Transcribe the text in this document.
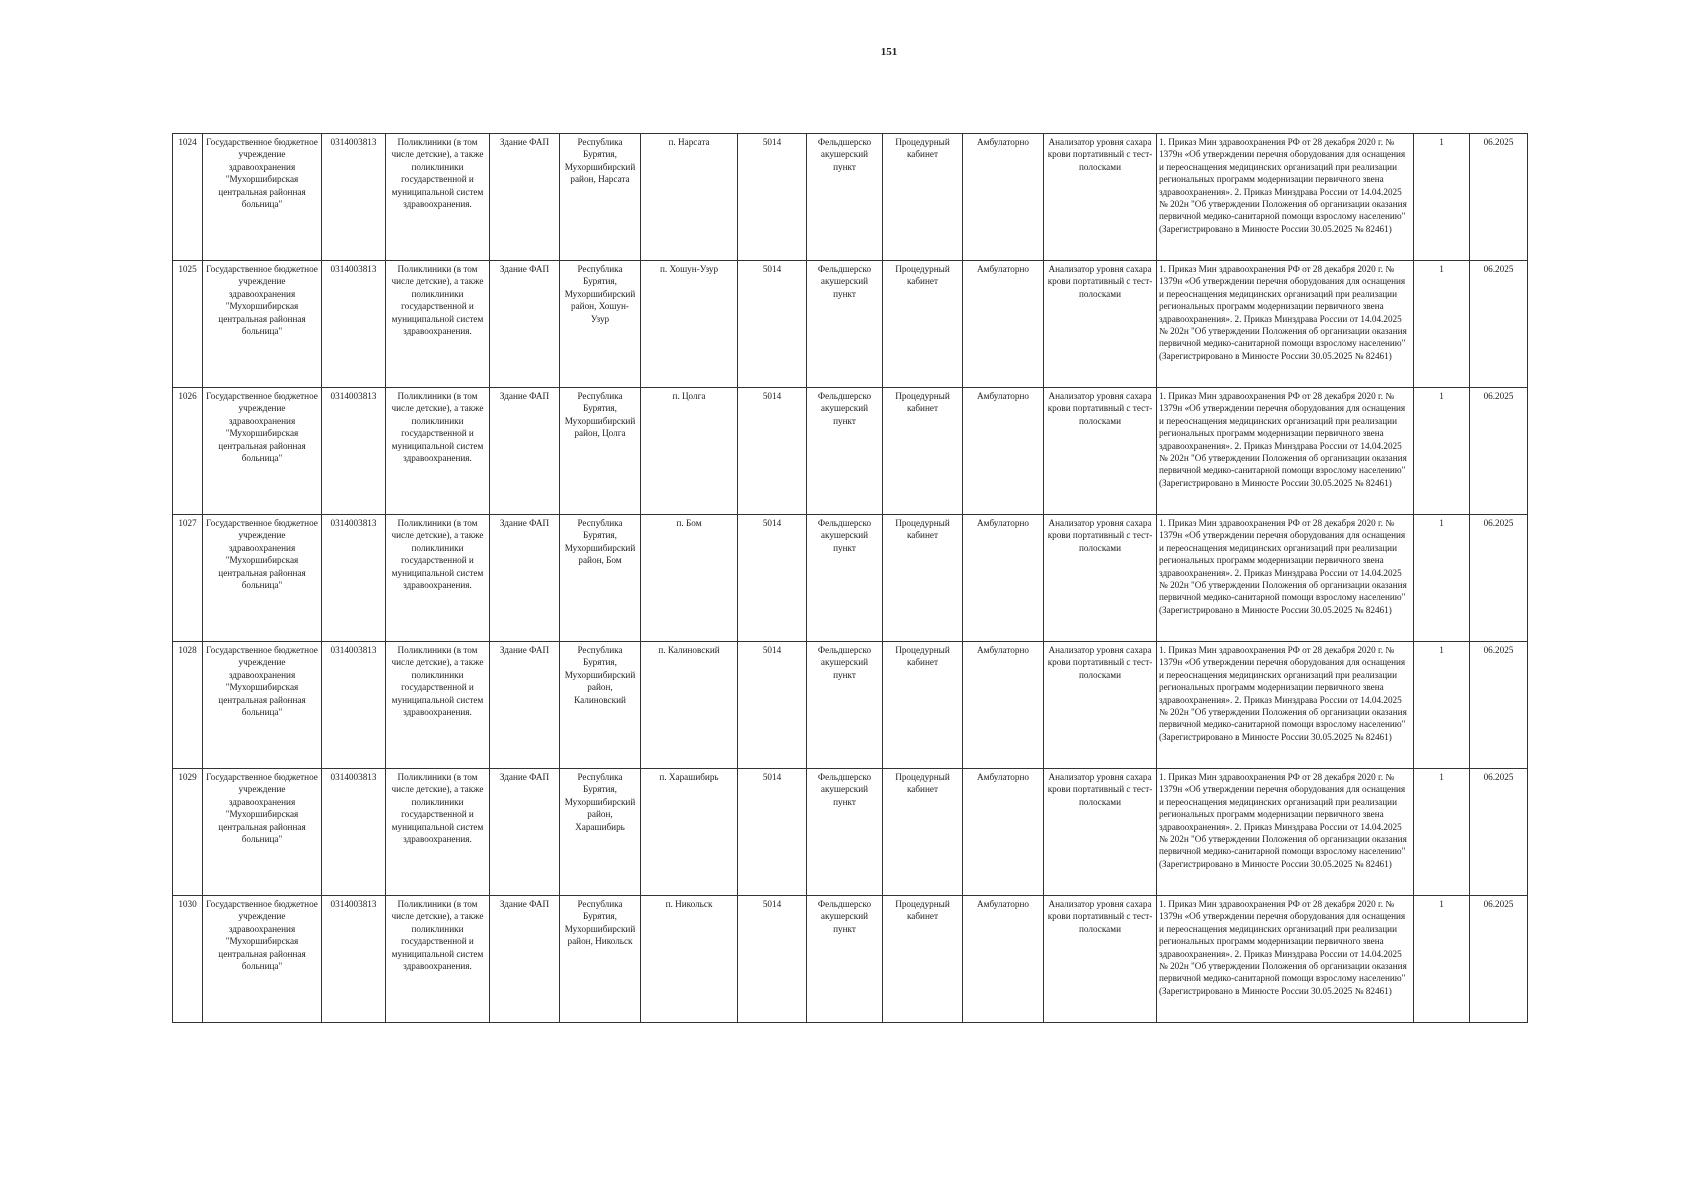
151
1024	Государственное бюджетное учреждение здравоохранения "Мухоршибирская центральная районная больница"	0314003813	Поликлиники (в том числе детские), а также поликлиники государственной и муниципальной систем здравоохранения.	Здание ФАП	Республика Бурятия, Мухоршибирский район, Нарсата	п. Нарсата	5014	Фельдшерско акушерский пункт	Процедурный кабинет	Амбулаторно	Анализатор уровня сахара крови портативный с тест-полосками	1. Приказ Мин здравоохранения РФ от 28 декабря 2020 г. № 1379н «Об утверждении перечня оборудования для оснащения и переоснащения медицинских организаций при реализации региональных программ модернизации первичного звена здравоохранения». 2. Приказ Минздрава России от 14.04.2025 № 202н "Об утверждении Положения об организации оказания первичной медико-санитарной помощи взрослому населению" (Зарегистрировано в Минюсте России 30.05.2025 № 82461)	1	06.2025
1025	Государственное бюджетное учреждение здравоохранения "Мухоршибирская центральная районная больница"	0314003813	Поликлиники (в том числе детские), а также поликлиники государственной и муниципальной систем здравоохранения.	Здание ФАП	Республика Бурятия, Мухоршибирский район, Хошун-Узур	п. Хошун-Узур	5014	Фельдшерско акушерский пункт	Процедурный кабинет	Амбулаторно	Анализатор уровня сахара крови портативный с тест-полосками	1. Приказ Мин здравоохранения РФ от 28 декабря 2020 г. № 1379н «Об утверждении перечня оборудования для оснащения и переоснащения медицинских организаций при реализации региональных программ модернизации первичного звена здравоохранения». 2. Приказ Минздрава России от 14.04.2025 № 202н "Об утверждении Положения об организации оказания первичной медико-санитарной помощи взрослому населению" (Зарегистрировано в Минюсте России 30.05.2025 № 82461)	1	06.2025
1026	Государственное бюджетное учреждение здравоохранения "Мухоршибирская центральная районная больница"	0314003813	Поликлиники (в том числе детские), а также поликлиники государственной и муниципальной систем здравоохранения.	Здание ФАП	Республика Бурятия, Мухоршибирский район, Цолга	п. Цолга	5014	Фельдшерско акушерский пункт	Процедурный кабинет	Амбулаторно	Анализатор уровня сахара крови портативный с тест-полосками	1. Приказ Мин здравоохранения РФ от 28 декабря 2020 г. № 1379н «Об утверждении перечня оборудования для оснащения и переоснащения медицинских организаций при реализации региональных программ модернизации первичного звена здравоохранения». 2. Приказ Минздрава России от 14.04.2025 № 202н "Об утверждении Положения об организации оказания первичной медико-санитарной помощи взрослому населению" (Зарегистрировано в Минюсте России 30.05.2025 № 82461)	1	06.2025
1027	Государственное бюджетное учреждение здравоохранения "Мухоршибирская центральная районная больница"	0314003813	Поликлиники (в том числе детские), а также поликлиники государственной и муниципальной систем здравоохранения.	Здание ФАП	Республика Бурятия, Мухоршибирский район, Бом	п. Бом	5014	Фельдшерско акушерский пункт	Процедурный кабинет	Амбулаторно	Анализатор уровня сахара крови портативный с тест-полосками	1. Приказ Мин здравоохранения РФ от 28 декабря 2020 г. № 1379н «Об утверждении перечня оборудования для оснащения и переоснащения медицинских организаций при реализации региональных программ модернизации первичного звена здравоохранения». 2. Приказ Минздрава России от 14.04.2025 № 202н "Об утверждении Положения об организации оказания первичной медико-санитарной помощи взрослому населению" (Зарегистрировано в Минюсте России 30.05.2025 № 82461)	1	06.2025
1028	Государственное бюджетное учреждение здравоохранения "Мухоршибирская центральная районная больница"	0314003813	Поликлиники (в том числе детские), а также поликлиники государственной и муниципальной систем здравоохранения.	Здание ФАП	Республика Бурятия, Мухоршибирский район, Калиновский	п. Калиновский	5014	Фельдшерско акушерский пункт	Процедурный кабинет	Амбулаторно	Анализатор уровня сахара крови портативный с тест-полосками	1. Приказ Мин здравоохранения РФ от 28 декабря 2020 г. № 1379н «Об утверждении перечня оборудования для оснащения и переоснащения медицинских организаций при реализации региональных программ модернизации первичного звена здравоохранения». 2. Приказ Минздрава России от 14.04.2025 № 202н "Об утверждении Положения об организации оказания первичной медико-санитарной помощи взрослому населению" (Зарегистрировано в Минюсте России 30.05.2025 № 82461)	1	06.2025
1029	Государственное бюджетное учреждение здравоохранения "Мухоршибирская центральная районная больница"	0314003813	Поликлиники (в том числе детские), а также поликлиники государственной и муниципальной систем здравоохранения.	Здание ФАП	Республика Бурятия, Мухоршибирский район, Харашибирь	п. Харашибирь	5014	Фельдшерско акушерский пункт	Процедурный кабинет	Амбулаторно	Анализатор уровня сахара крови портативный с тест-полосками	1. Приказ Мин здравоохранения РФ от 28 декабря 2020 г. № 1379н «Об утверждении перечня оборудования для оснащения и переоснащения медицинских организаций при реализации региональных программ модернизации первичного звена здравоохранения». 2. Приказ Минздрава России от 14.04.2025 № 202н "Об утверждении Положения об организации оказания первичной медико-санитарной помощи взрослому населению" (Зарегистрировано в Минюсте России 30.05.2025 № 82461)	1	06.2025
1030	Государственное бюджетное учреждение здравоохранения "Мухоршибирская центральная районная больница"	0314003813	Поликлиники (в том числе детские), а также поликлиники государственной и муниципальной систем здравоохранения.	Здание ФАП	Республика Бурятия, Мухоршибирский район, Никольск	п. Никольск	5014	Фельдшерско акушерский пункт	Процедурный кабинет	Амбулаторно	Анализатор уровня сахара крови портативный с тест-полосками	1. Приказ Мин здравоохранения РФ от 28 декабря 2020 г. № 1379н «Об утверждении перечня оборудования для оснащения и переоснащения медицинских организаций при реализации региональных программ модернизации первичного звена здравоохранения». 2. Приказ Минздрава России от 14.04.2025 № 202н "Об утверждении Положения об организации оказания первичной медико-санитарной помощи взрослому населению" (Зарегистрировано в Минюсте России 30.05.2025 № 82461)	1	06.2025
